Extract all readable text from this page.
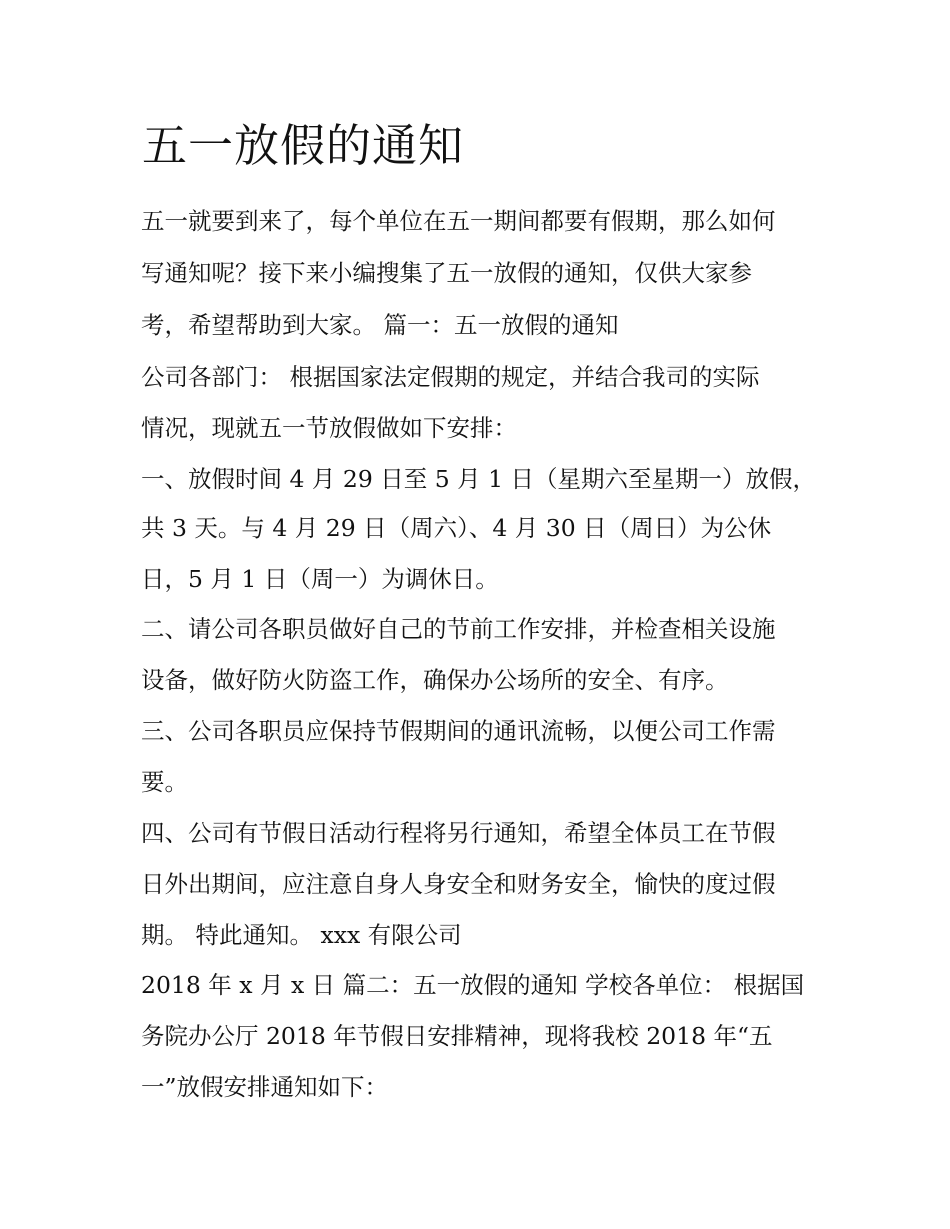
五一放假的通知
五一就要到来了，每个单位在五一期间都要有假期，那么如何
写通知呢？接下来小编搜集了五一放假的通知，仅供大家参
考，希望帮助到大家。 篇一：五一放假的通知
公司各部门： 根据国家法定假期的规定，并结合我司的实际
情况，现就五一节放假做如下安排：
一、放假时间 4 月 29 日至 5 月 1 日（星期六至星期一）放假，
共 3 天。与 4 月 29 日（周六）、4 月 30 日（周日）为公休
日，5 月 1 日（周一）为调休日。
二、请公司各职员做好自己的节前工作安排，并检查相关设施
设备，做好防火防盗工作，确保办公场所的安全、有序。
三、公司各职员应保持节假期间的通讯流畅，以便公司工作需
要。
四、公司有节假日活动行程将另行通知，希望全体员工在节假
日外出期间，应注意自身人身安全和财务安全，愉快的度过假
期。 特此通知。 xxx 有限公司
2018 年 x 月 x 日 篇二：五一放假的通知 学校各单位： 根据国
务院办公厅 2018 年节假日安排精神，现将我校 2018 年“五
一”放假安排通知如下：
